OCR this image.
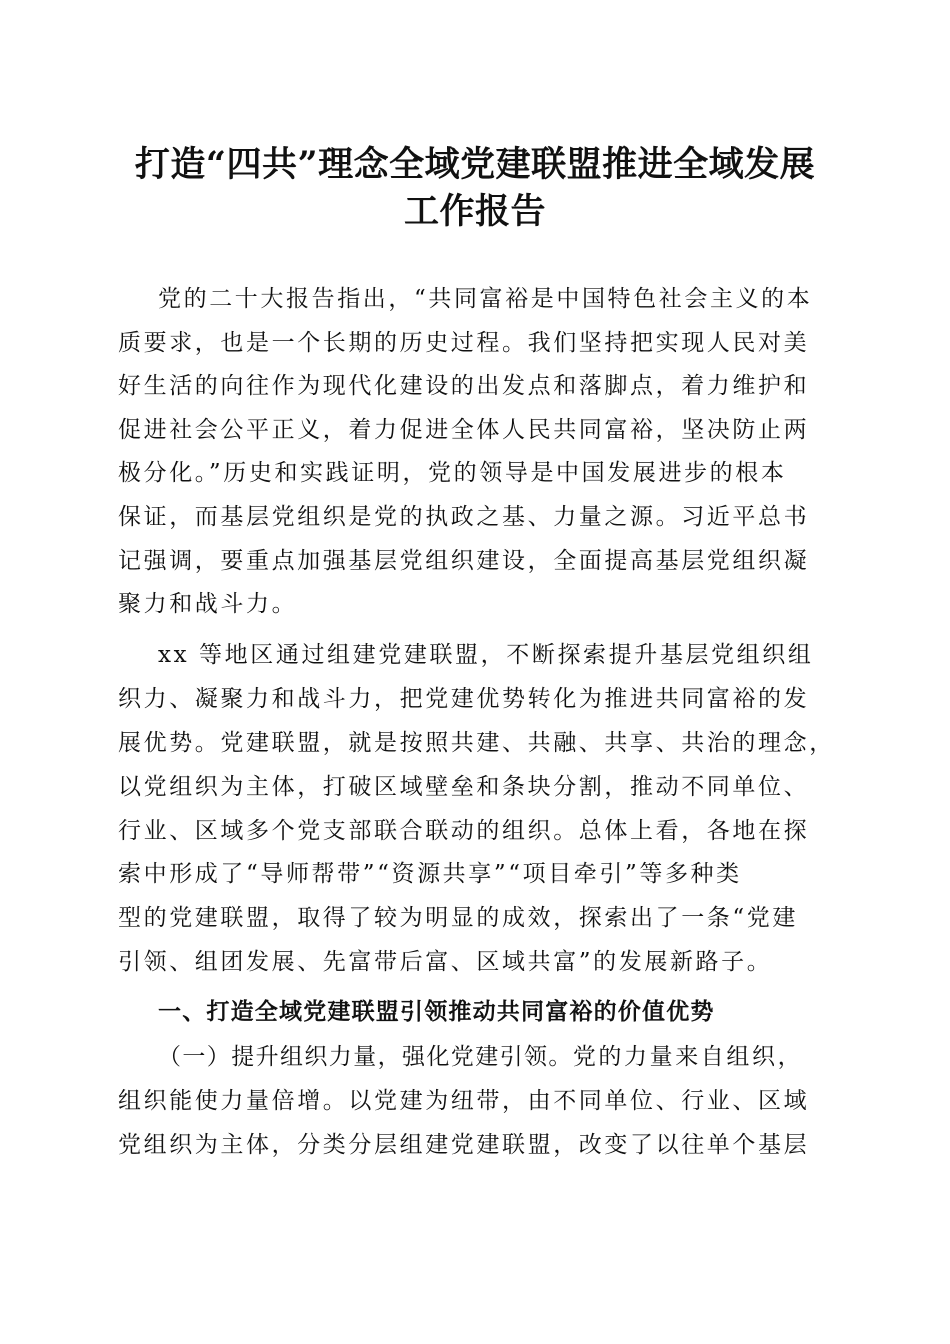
打造“四共”理念全域党建联盟推进全域发展
工作报告

党的二十大报告指出，“共同富裕是中国特色社会主义的本

质要求，也是一个长期的历史过程。我们坚持把实现人民对美

好生活的向往作为现代化建设的出发点和落脚点，着力维护和

促进社会公平正义，着力促进全体人民共同富裕，坚决防止两

极分化。”历史和实践证明，党的领导是中国发展进步的根本

保证，而基层党组织是党的执政之基、力量之源。习近平总书

记强调，要重点加强基层党组织建设，全面提高基层党组织凝

聚力和战斗力。

xx 等地区通过组建党建联盟，不断探索提升基层党组织组

织力、凝聚力和战斗力，把党建优势转化为推进共同富裕的发

展优势。党建联盟，就是按照共建、共融、共享、共治的理念，

以党组织为主体，打破区域壁垒和条块分割，推动不同单位、

行业、区域多个党支部联合联动的组织。总体上看，各地在探

索中形成了“导师帮带”“资源共享”“项目牵引”等多种类

型的党建联盟，取得了较为明显的成效，探索出了一条“党建

引领、组团发展、先富带后富、区域共富”的发展新路子。

一、打造全域党建联盟引领推动共同富裕的价值优势

（一）提升组织力量，强化党建引领。党的力量来自组织，

组织能使力量倍增。以党建为纽带，由不同单位、行业、区域

党组织为主体，分类分层组建党建联盟，改变了以往单个基层
